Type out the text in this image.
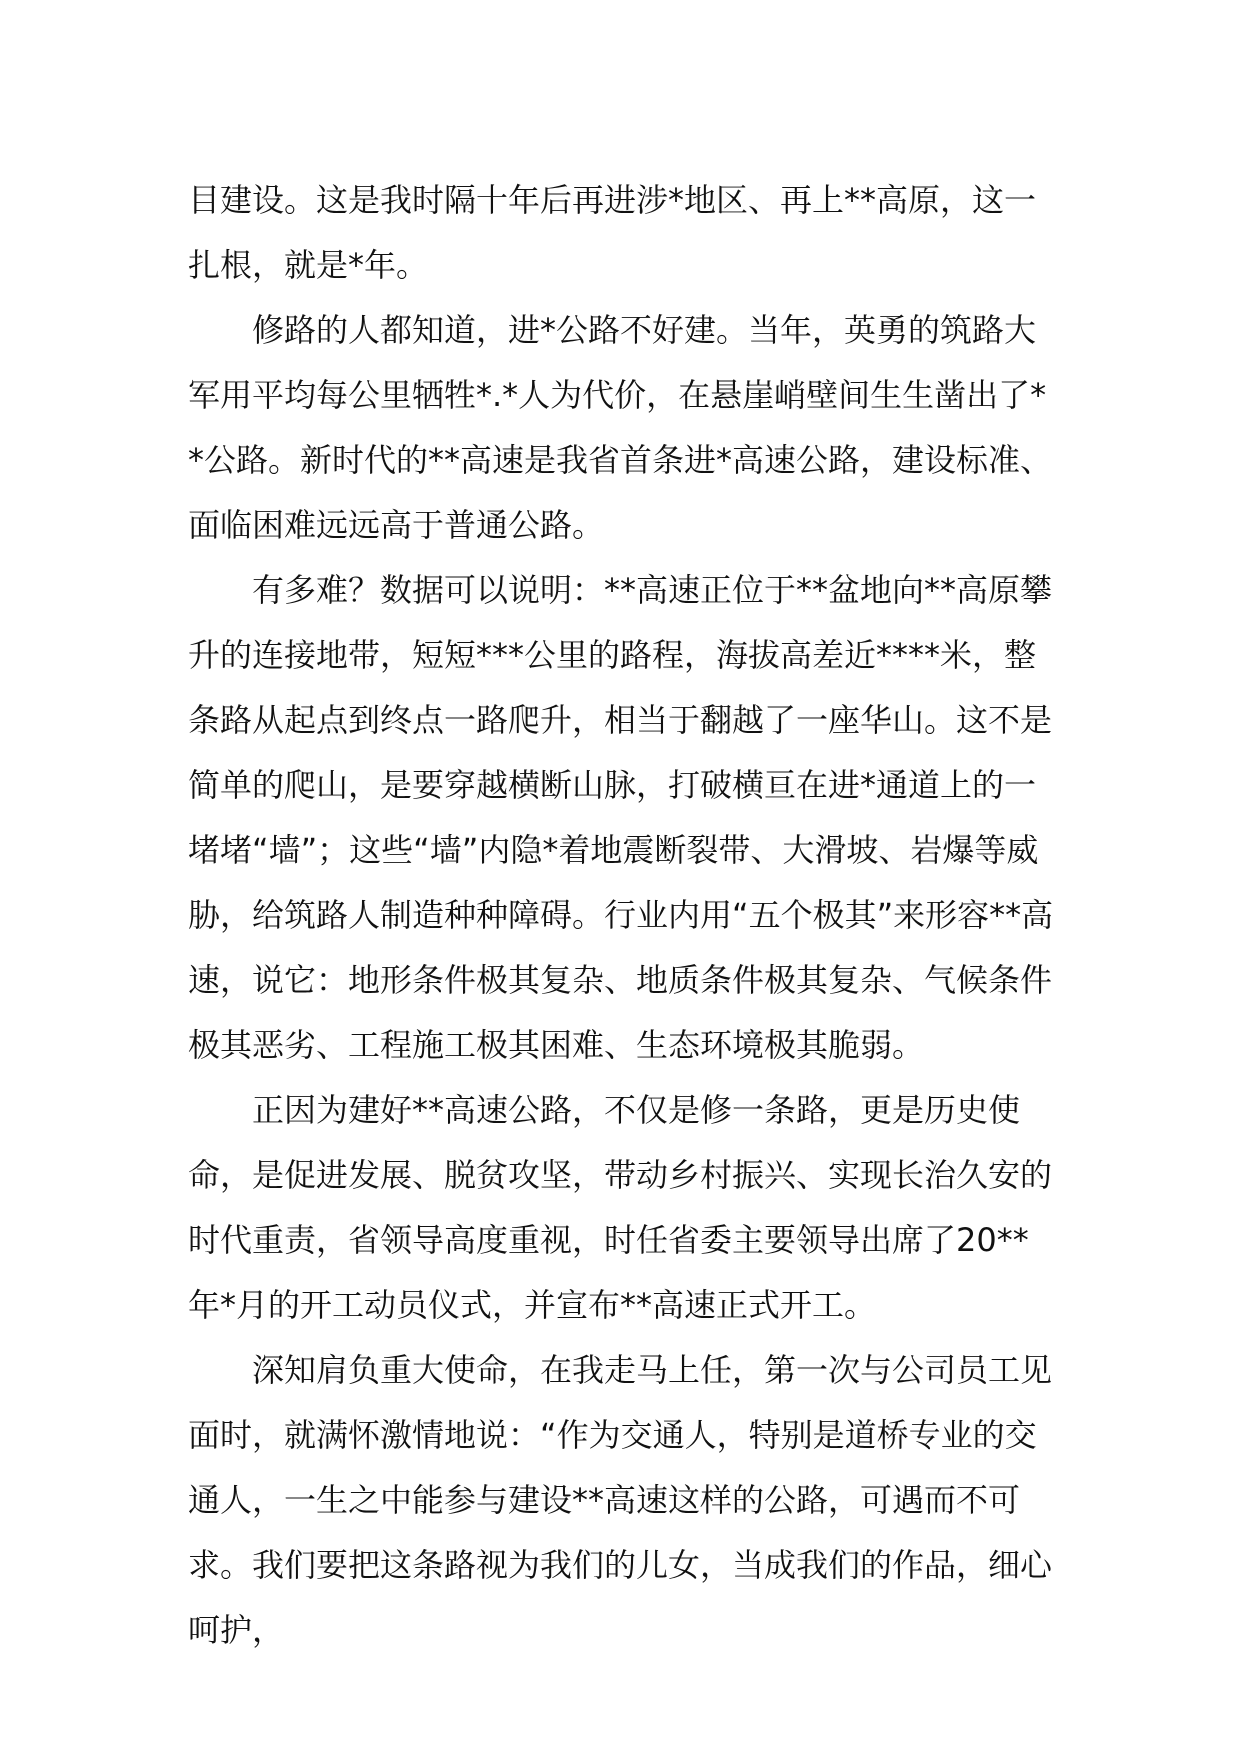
目建设。这是我时隔十年后再进涉*地区、再上**高原，这一扎根，就是*年。

修路的人都知道，进*公路不好建。当年，英勇的筑路大军用平均每公里牺牲*.*人为代价，在悬崖峭壁间生生凿出了**公路。新时代的**高速是我省首条进*高速公路，建设标准、面临困难远远高于普通公路。

有多难？数据可以说明：**高速正位于**盆地向**高原攀升的连接地带，短短***公里的路程，海拔高差近****米，整条路从起点到终点一路爬升，相当于翻越了一座华山。这不是简单的爬山，是要穿越横断山脉，打破横亘在进*通道上的一堵堵“墙”；这些“墙”内隐*着地震断裂带、大滑坡、岩爆等威胁，给筑路人制造种种障碍。行业内用“五个极其”来形容**高速，说它：地形条件极其复杂、地质条件极其复杂、气候条件极其恶劣、工程施工极其困难、生态环境极其脆弱。

正因为建好**高速公路，不仅是修一条路，更是历史使命，是促进发展、脱贫攻坚，带动乡村振兴、实现长治久安的时代重责，省领导高度重视，时任省委主要领导出席了20**年*月的开工动员仪式，并宣布**高速正式开工。

深知肩负重大使命，在我走马上任，第一次与公司员工见面时，就满怀激情地说：“作为交通人，特别是道桥专业的交通人，一生之中能参与建设**高速这样的公路，可遇而不可求。我们要把这条路视为我们的儿女，当成我们的作品，细心呵护，
